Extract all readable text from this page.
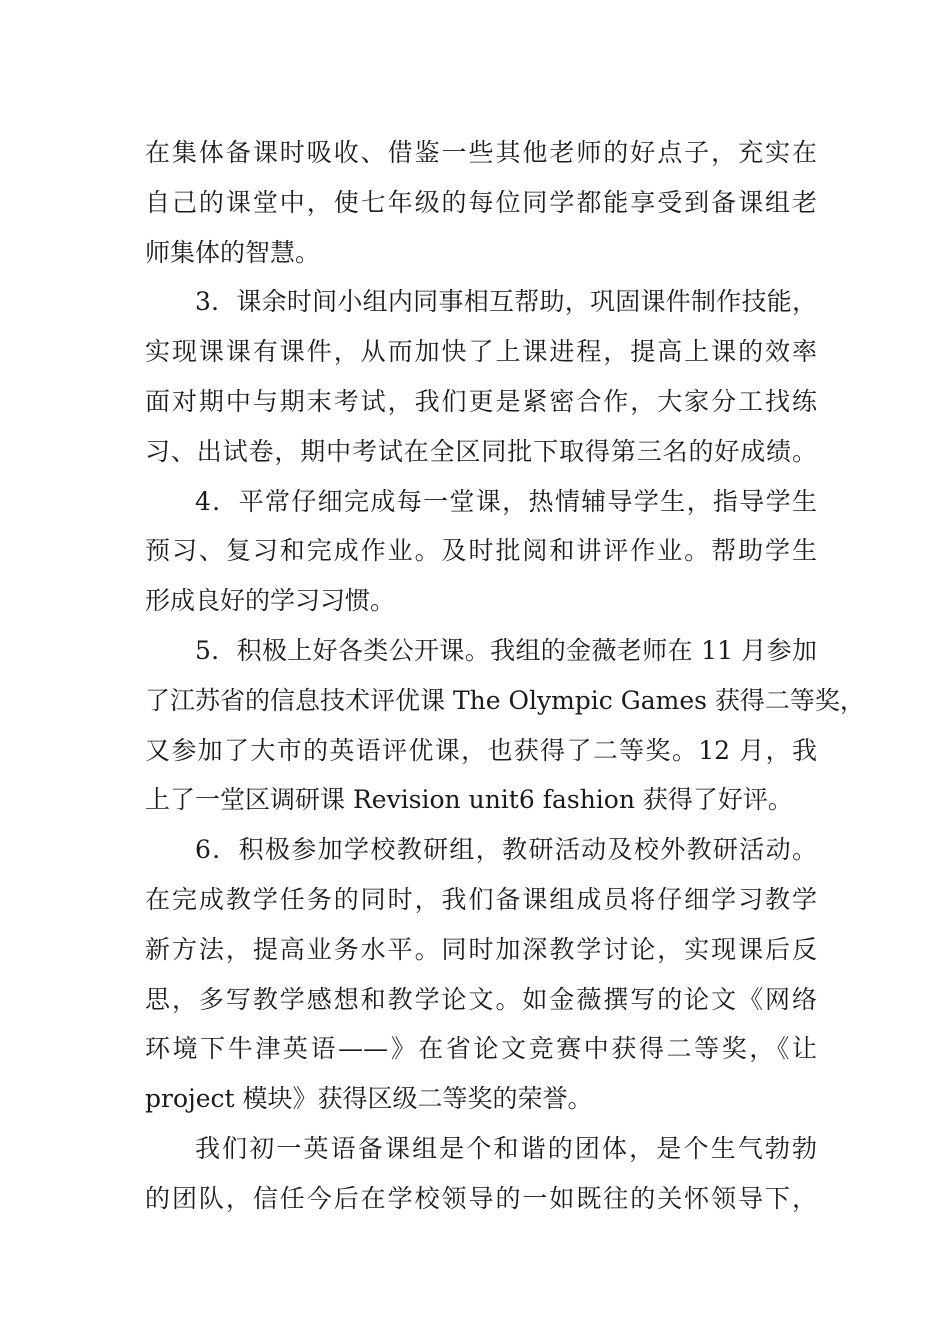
在集体备课时吸收、借鉴一些其他老师的好点子，充实在
自己的课堂中，使七年级的每位同学都能享受到备课组老
师集体的智慧。
3．课余时间小组内同事相互帮助，巩固课件制作技能，
实现课课有课件，从而加快了上课进程，提高上课的效率
面对期中与期末考试，我们更是紧密合作，大家分工找练
习、出试卷，期中考试在全区同批下取得第三名的好成绩。
4．平常仔细完成每一堂课，热情辅导学生，指导学生
预习、复习和完成作业。及时批阅和讲评作业。帮助学生
形成良好的学习习惯。
5．积极上好各类公开课。我组的金薇老师在 11 月参加
了江苏省的信息技术评优课 The Olympic Games 获得二等奖，
又参加了大市的英语评优课，也获得了二等奖。12 月，我
上了一堂区调研课 Revision unit6 fashion 获得了好评。
6．积极参加学校教研组，教研活动及校外教研活动。
在完成教学任务的同时，我们备课组成员将仔细学习教学
新方法，提高业务水平。同时加深教学讨论，实现课后反
思，多写教学感想和教学论文。如金薇撰写的论文《网络
环境下牛津英语——》在省论文竞赛中获得二等奖，《让
project 模块》获得区级二等奖的荣誉。
我们初一英语备课组是个和谐的团体，是个生气勃勃
的团队，信任今后在学校领导的一如既往的关怀领导下，
